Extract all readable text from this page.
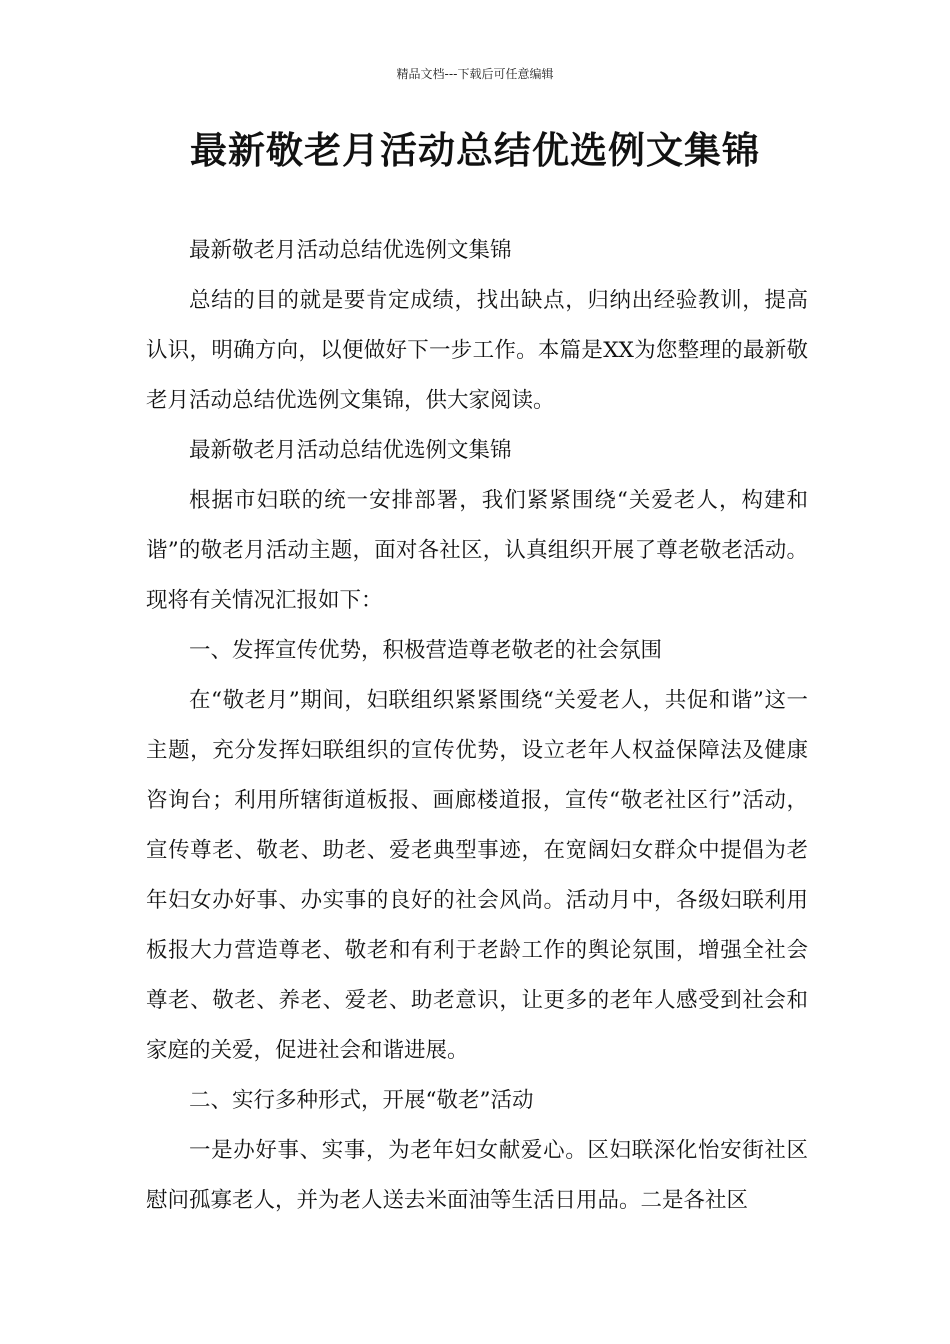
精品文档---下载后可任意编辑
最新敬老月活动总结优选例文集锦

最新敬老月活动总结优选例文集锦

总结的目的就是要肯定成绩，找出缺点，归纳出经验教训，提高认识，明确方向，以便做好下一步工作。本篇是XX为您整理的最新敬老月活动总结优选例文集锦，供大家阅读。

最新敬老月活动总结优选例文集锦

根据市妇联的统一安排部署，我们紧紧围绕“关爱老人，构建和谐”的敬老月活动主题，面对各社区，认真组织开展了尊老敬老活动。现将有关情况汇报如下：

一、发挥宣传优势，积极营造尊老敬老的社会氛围

在“敬老月”期间，妇联组织紧紧围绕“关爱老人，共促和谐”这一主题，充分发挥妇联组织的宣传优势，设立老年人权益保障法及健康咨询台；利用所辖街道板报、画廊楼道报，宣传“敬老社区行”活动，宣传尊老、敬老、助老、爱老典型事迹，在宽阔妇女群众中提倡为老年妇女办好事、办实事的良好的社会风尚。活动月中，各级妇联利用板报大力营造尊老、敬老和有利于老龄工作的舆论氛围，增强全社会尊老、敬老、养老、爱老、助老意识，让更多的老年人感受到社会和家庭的关爱，促进社会和谐进展。

二、实行多种形式，开展“敬老”活动

一是办好事、实事，为老年妇女献爱心。区妇联深化怡安街社区慰问孤寡老人，并为老人送去米面油等生活日用品。二是各社区
